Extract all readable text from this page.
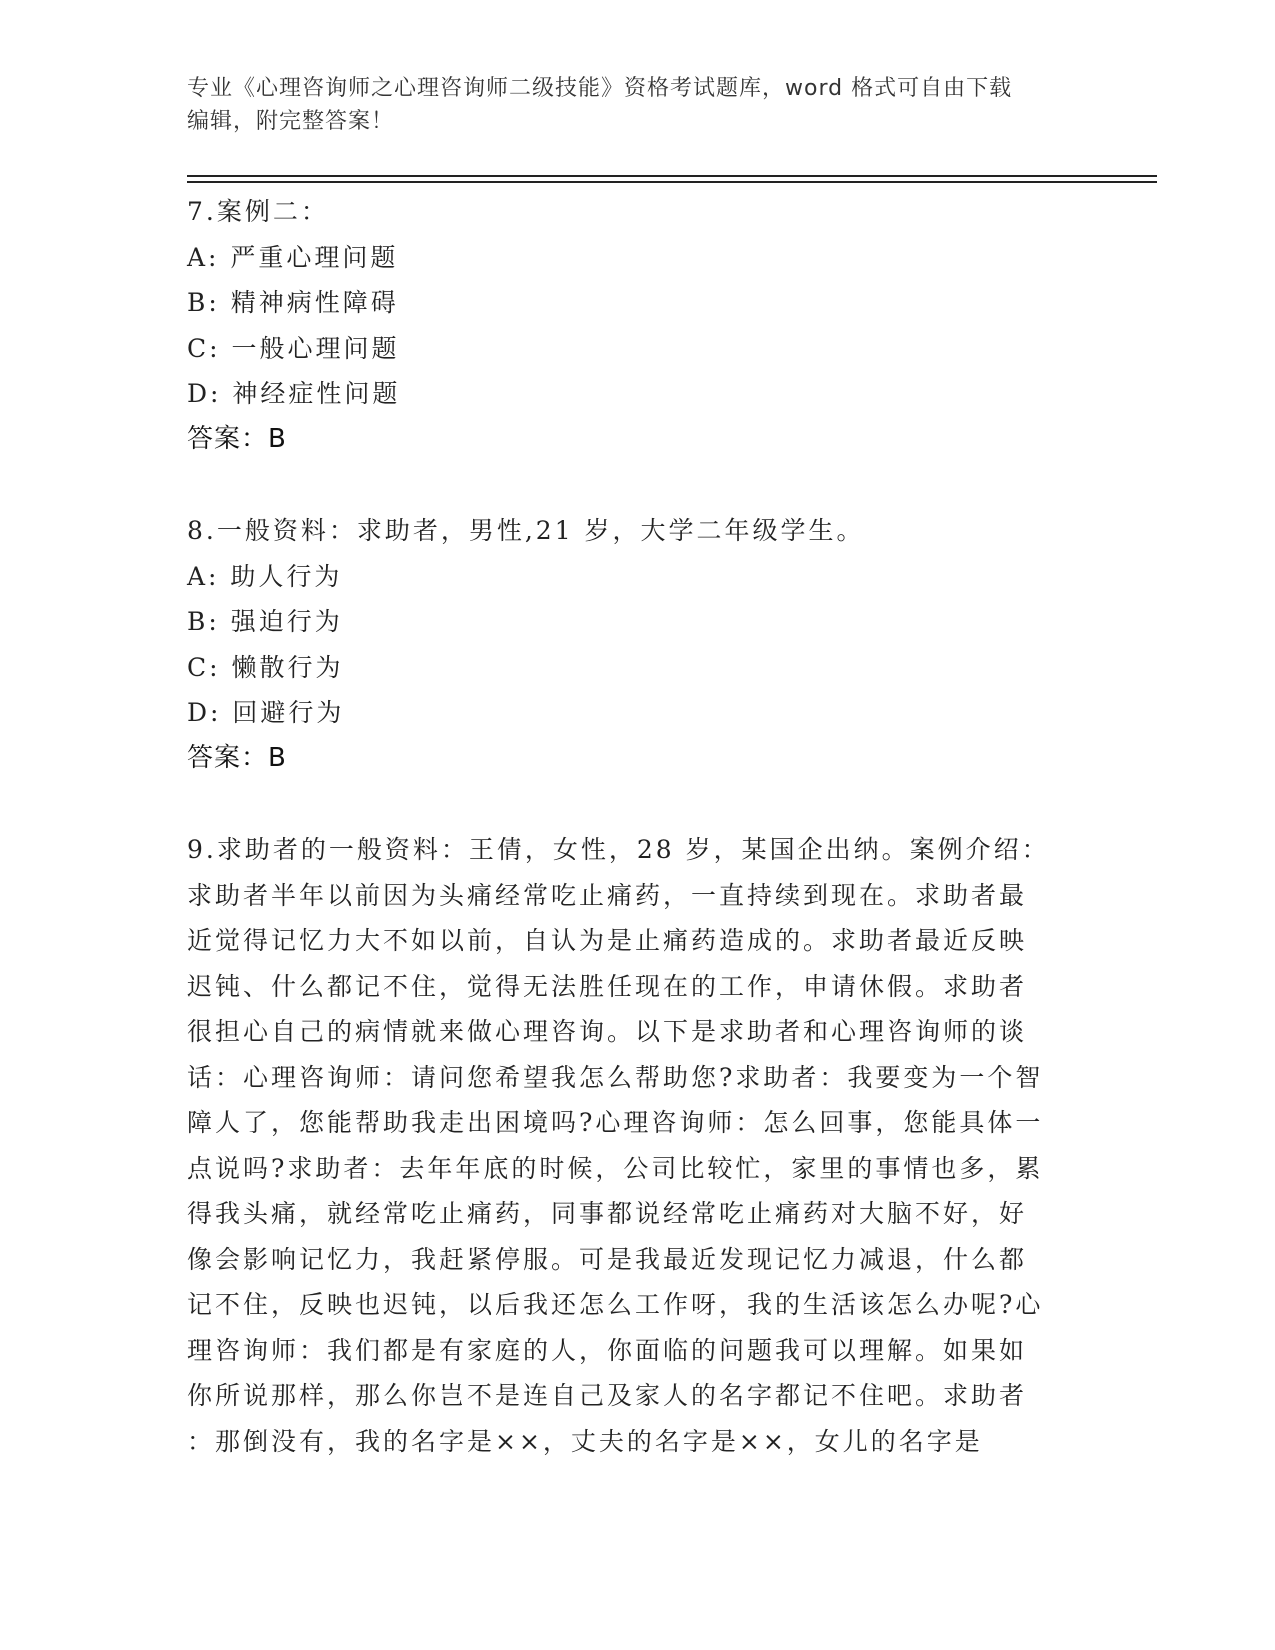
专业《心理咨询师之心理咨询师二级技能》资格考试题库，word 格式可自由下载
编辑，附完整答案！
7.案例二：
A: 严重心理问题
B: 精神病性障碍
C: 一般心理问题
D: 神经症性问题
答案：B
8.一般资料：求助者，男性,21 岁，大学二年级学生。
A: 助人行为
B: 强迫行为
C: 懒散行为
D: 回避行为
答案：B
9.求助者的一般资料：王倩，女性，28 岁，某国企出纳。案例介绍：
求助者半年以前因为头痛经常吃止痛药，一直持续到现在。求助者最
近觉得记忆力大不如以前，自认为是止痛药造成的。求助者最近反映
迟钝、什么都记不住，觉得无法胜任现在的工作，申请休假。求助者
很担心自己的病情就来做心理咨询。以下是求助者和心理咨询师的谈
话：心理咨询师：请问您希望我怎么帮助您?求助者：我要变为一个智
障人了，您能帮助我走出困境吗?心理咨询师：怎么回事，您能具体一
点说吗?求助者：去年年底的时候，公司比较忙，家里的事情也多，累
得我头痛，就经常吃止痛药，同事都说经常吃止痛药对大脑不好，好
像会影响记忆力，我赶紧停服。可是我最近发现记忆力减退，什么都
记不住，反映也迟钝，以后我还怎么工作呀，我的生活该怎么办呢?心
理咨询师：我们都是有家庭的人，你面临的问题我可以理解。如果如
你所说那样，那么你岂不是连自己及家人的名字都记不住吧。求助者
：那倒没有，我的名字是××，丈夫的名字是××，女儿的名字是
